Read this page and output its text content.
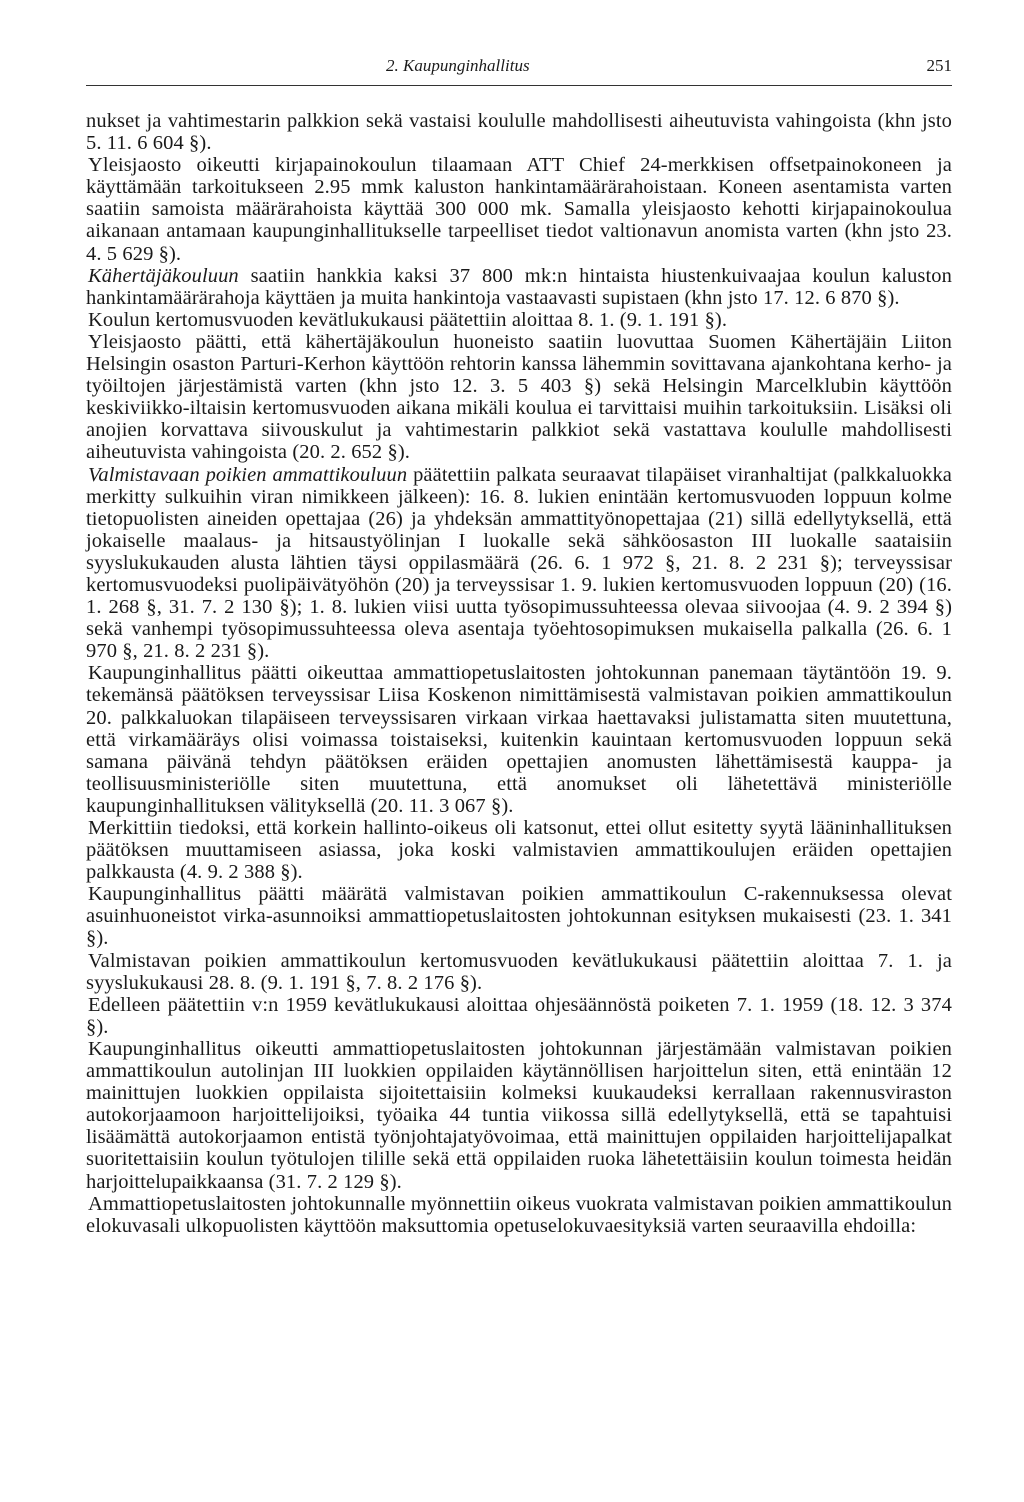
2. Kaupunginhallitus	251

nukset ja vahtimestarin palkkion sekä vastaisi koululle mahdollisesti aiheutuvista vahingoista (khn jsto 5. 11. 6 604 §).

Yleisjaosto oikeutti kirjapainokoulun tilaamaan ATT Chief 24-merkkisen offsetpainokoneen ja käyttämään tarkoitukseen 2.95 mmk kaluston hankintamäärärahoistaan. Koneen asentamista varten saatiin samoista määrärahoista käyttää 300 000 mk. Samalla yleisjaosto kehotti kirjapainokoulua aikanaan antamaan kaupunginhallitukselle tarpeelliset tiedot valtionavun anomista varten (khn jsto 23. 4. 5 629 §).

Kähertäjäkouluun saatiin hankkia kaksi 37 800 mk:n hintaista hiustenkuivaajaa koulun kaluston hankintamäärärahoja käyttäen ja muita hankintoja vastaavasti supistaen (khn jsto 17. 12. 6 870 §).

Koulun kertomusvuoden kevätlukukausi päätettiin aloittaa 8. 1. (9. 1. 191 §).

Yleisjaosto päätti, että kähertäjäkoulun huoneisto saatiin luovuttaa Suomen Kähertäjäin Liiton Helsingin osaston Parturi-Kerhon käyttöön rehtorin kanssa lähemmin sovittavana ajankohtana kerho- ja työiltojen järjestämistä varten (khn jsto 12. 3. 5 403 §) sekä Helsingin Marcelklubin käyttöön keskiviikko-iltaisin kertomusvuoden aikana mikäli koulua ei tarvittaisi muihin tarkoituksiin. Lisäksi oli anojien korvattava siivouskulut ja vahtimestarin palkkiot sekä vastattava koululle mahdollisesti aiheutuvista vahingoista (20. 2. 652 §).

Valmistavaan poikien ammattikouluun päätettiin palkata seuraavat tilapäiset viranhaltijat (palkkaluokka merkitty sulkuihin viran nimikkeen jälkeen): 16. 8. lukien enintään kertomusvuoden loppuun kolme tietopuolisten aineiden opettajaa (26) ja yhdeksän ammattityönopettajaa (21) sillä edellytyksellä, että jokaiselle maalaus- ja hitsaustyölinjan I luokalle sekä sähköosaston III luokalle saataisiin syyslukukauden alusta lähtien täysi oppilasmäärä (26. 6. 1 972 §, 21. 8. 2 231 §); terveyssisar kertomusvuodeksi puolipäivätyöhön (20) ja terveyssisar 1. 9. lukien kertomusvuoden loppuun (20) (16. 1. 268 §, 31. 7. 2 130 §); 1. 8. lukien viisi uutta työsopimussuhteessa olevaa siivoojaa (4. 9. 2 394 §) sekä vanhempi työsopimussuhteessa oleva asentaja työehtosopimuksen mukaisella palkalla (26. 6. 1 970 §, 21. 8. 2 231 §).

Kaupunginhallitus päätti oikeuttaa ammattiopetuslaitosten johtokunnan panemaan täytäntöön 19. 9. tekemänsä päätöksen terveyssisar Liisa Koskenon nimittämisestä valmistavan poikien ammattikoulun 20. palkkaluokan tilapäiseen terveyssisaren virkaan virkaa haettavaksi julistamatta siten muutettuna, että virkamääräys olisi voimassa toistaiseksi, kuitenkin kauintaan kertomusvuoden loppuun sekä samana päivänä tehdyn päätöksen eräiden opettajien anomusten lähettämisestä kauppa- ja teollisuusministeriölle siten muutettuna, että anomukset oli lähetettävä ministeriölle kaupunginhallituksen välityksellä (20. 11. 3 067 §).

Merkittiin tiedoksi, että korkein hallinto-oikeus oli katsonut, ettei ollut esitetty syytä lääninhallituksen päätöksen muuttamiseen asiassa, joka koski valmistavien ammattikoulujen eräiden opettajien palkkausta (4. 9. 2 388 §).

Kaupunginhallitus päätti määrätä valmistavan poikien ammattikoulun C-rakennuksessa olevat asuinhuoneistot virka-asunnoiksi ammattiopetuslaitosten johtokunnan esityksen mukaisesti (23. 1. 341 §).

Valmistavan poikien ammattikoulun kertomusvuoden kevätlukukausi päätettiin aloittaa 7. 1. ja syyslukukausi 28. 8. (9. 1. 191 §, 7. 8. 2 176 §).

Edelleen päätettiin v:n 1959 kevätlukukausi aloittaa ohjesäännöstä poiketen 7. 1. 1959 (18. 12. 3 374 §).

Kaupunginhallitus oikeutti ammattiopetuslaitosten johtokunnan järjestämään valmistavan poikien ammattikoulun autolinjan III luokkien oppilaiden käytännöllisen harjoittelun siten, että enintään 12 mainittujen luokkien oppilaista sijoitettaisiin kolmeksi kuukaudeksi kerrallaan rakennusviraston autokorjaamoon harjoittelijoiksi, työaika 44 tuntia viikossa sillä edellytyksellä, että se tapahtuisi lisäämättä autokorjaamon entistä työnjohtajatyövoimaa, että mainittujen oppilaiden harjoittelijapalkat suoritettaisiin koulun työtulojen tilille sekä että oppilaiden ruoka lähetettäisiin koulun toimesta heidän harjoittelupaikkaansa (31. 7. 2 129 §).

Ammattiopetuslaitosten johtokunnalle myönnettiin oikeus vuokrata valmistavan poikien ammattikoulun elokuvasali ulkopuolisten käyttöön maksuttomia opetuselokuvaesityksiä varten seuraavilla ehdoilla:
